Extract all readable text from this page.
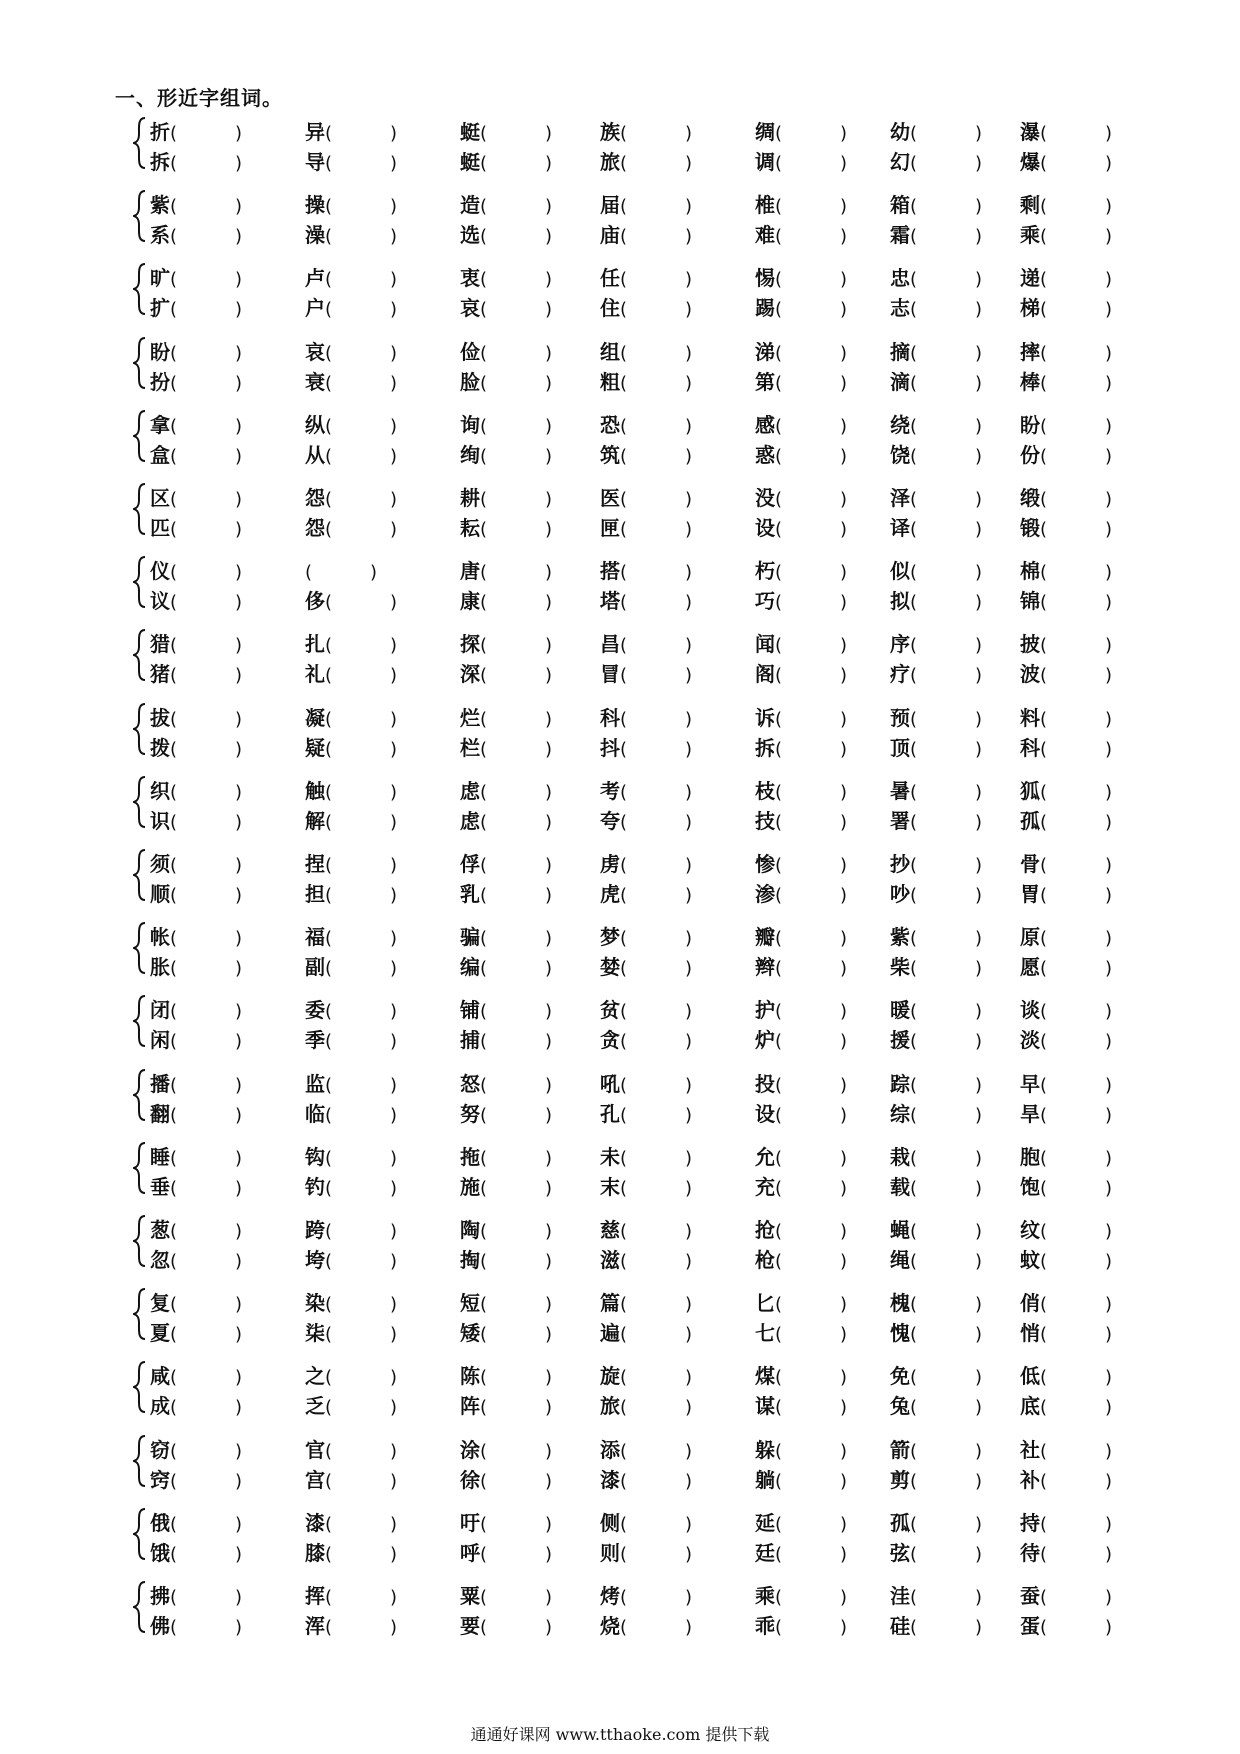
一、形近字组词。
折(	)	异(	)	蜓(	) 族(	)	绸(	) 幼(	) 瀑(	)
拆(	)	导(	)	蜓(	) 旅(	)	调(	) 幻(	) 爆(	)
紫(	)	操(	)	造(	) 届(	)	椎(	) 箱(	) 剩(	)
系(	)	澡(	)	选(	) 庙(	)	难(	) 霜(	) 乘(	)
旷(	)	卢(	)	衷(	) 任(	)	惕(	) 忠(	) 递(	)
扩(	)	户(	)	哀(	) 住(	)	踢(	) 志(	) 梯(	)
盼(	)	哀(	)	俭(	) 组(	)	涕(	) 摘(	) 摔(	)
扮(	)	衰(	)	脸(	) 粗(	)	第(	) 滴(	) 棒(	)
拿(	)	纵(	)	询(	) 恐(	)	感(	) 绕(	) 盼(	)
盒(	)	从(	)	绚(	) 筑(	)	惑(	) 饶(	) 份(	)
区(	)	怨(	)	耕(	) 医(	)	没(	) 泽(	) 缎(	)
匹(	)	怨(	)	耘(	) 匣(	)	设(	) 译(	) 锻(	)
仪(	)	(	)	唐(	) 搭(	)	朽(	) 似(	) 棉(	)
议(	)	侈(	)	康(	) 塔(	)	巧(	) 拟(	) 锦(	)
猎(	)	扎(	)	探(	) 昌(	)	闻(	) 序(	) 披(	)
猪(	)	礼(	)	深(	) 冒(	)	阁(	) 疗(	) 波(	)
拔(	)	凝(	)	烂(	) 科(	)	诉(	) 预(	) 料(	)
拨(	)	疑(	)	栏(	) 抖(	)	拆(	) 顶(	) 科(	)
织(	)	触(	)	虑(	) 考(	)	枝(	) 暑(	) 狐(	)
识(	)	解(	)	虑(	) 夸(	)	技(	) 署(	) 孤(	)
须(	)	捏(	)	俘(	) 虏(	)	惨(	) 抄(	) 骨(	)
顺(	)	担(	)	乳(	) 虎(	)	渗(	) 吵(	) 胃(	)
帐(	)	福(	)	骗(	) 梦(	)	瓣(	) 紫(	) 原(	)
胀(	)	副(	)	编(	) 婪(	)	辫(	) 柴(	) 愿(	)
闭(	)	委(	)	铺(	) 贫(	)	护(	) 暖(	) 谈(	)
闲(	)	季(	)	捕(	) 贪(	)	炉(	) 援(	) 淡(	)
播(	)	监(	)	怒(	) 吼(	)	投(	) 踪(	) 早(	)
翻(	)	临(	)	努(	) 孔(	)	设(	) 综(	) 旱(	)
睡(	)	钩(	)	拖(	) 未(	)	允(	) 栽(	) 胞(	)
垂(	)	钓(	)	施(	) 末(	)	充(	) 载(	) 饱(	)
葱(	)	跨(	)	陶(	) 慈(	)	抢(	) 蝇(	) 纹(	)
忽(	)	垮(	)	掏(	) 滋(	)	枪(	) 绳(	) 蚊(	)
复(	)	染(	)	短(	) 篇(	)	匕(	) 槐(	) 俏(	)
夏(	)	柒(	)	矮(	) 遍(	)	七(	) 愧(	) 悄(	)
咸(	)	之(	)	陈(	) 旋(	)	煤(	) 免(	) 低(	)
成(	)	乏(	)	阵(	) 旅(	)	谋(	) 兔(	) 底(	)
窃(	)	官(	)	涂(	) 添(	)	躲(	) 箭(	) 社(	)
窍(	)	宫(	)	徐(	) 漆(	)	躺(	) 剪(	) 补(	)
俄(	)	漆(	)	吁(	) 侧(	)	延(	) 孤(	) 持(	)
饿(	)	膝(	)	呼(	) 则(	)	廷(	) 弦(	) 待(	)
拂(	)	挥(	)	粟(	) 烤(	)	乘(	) 洼(	) 蚕(	)
佛(	)	浑(	)	要(	) 烧(	)	乖(	) 硅(	) 蛋(	)
通通好课网 www.tthaoke.com 提供下载
